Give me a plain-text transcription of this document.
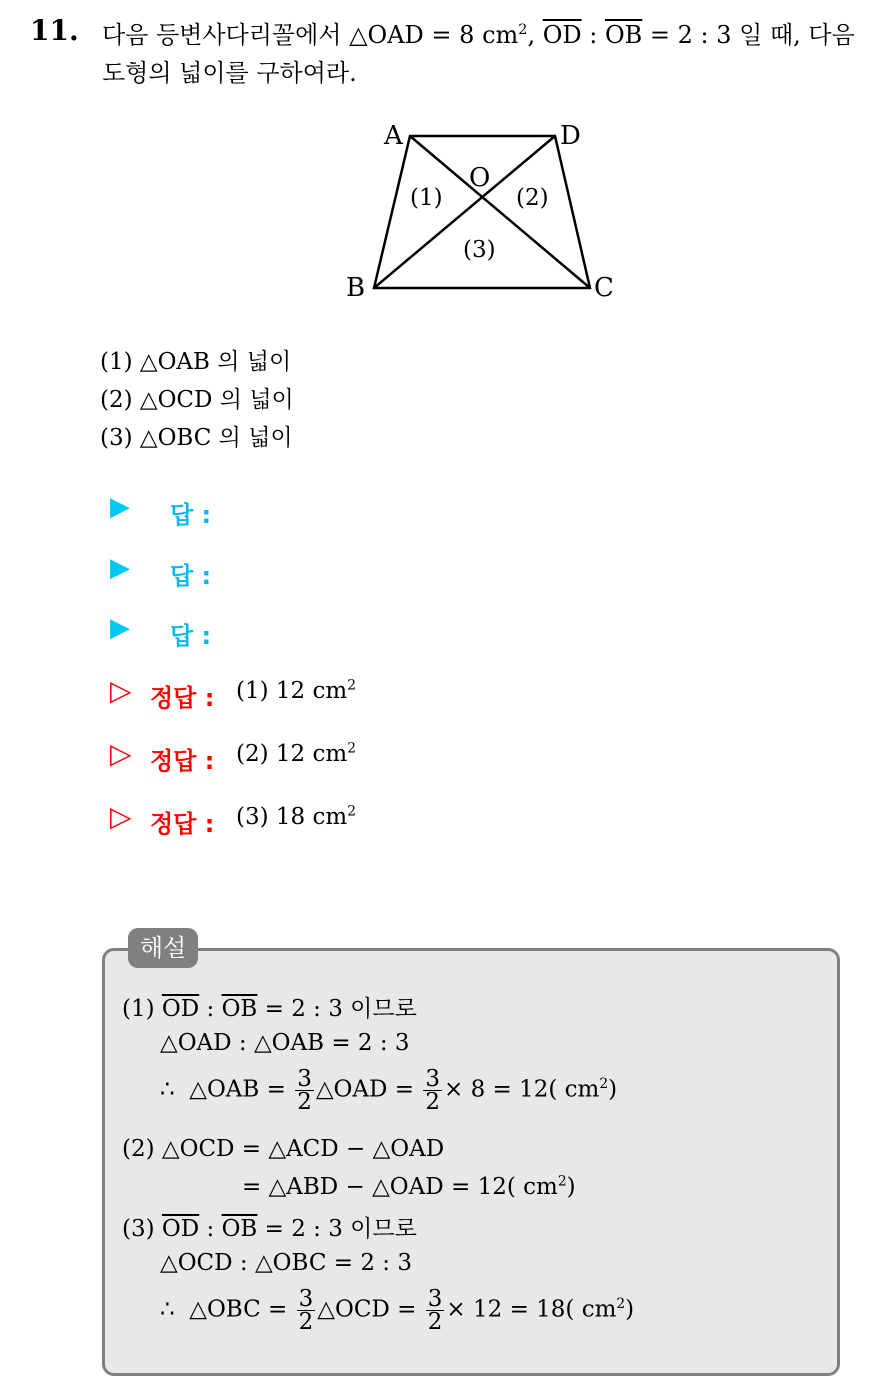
11. 다음 등변사다리꼴에서 △OAD = 8 $cm^2$, $\overline{OD}$ : $\overline{OB} = 2$ : 3 일 때, 다음
도형의 넓이를 구하여라.
A	D
B	C
O
(1)	(2)
(3)
(1) △OAB 의 넓이
(2) △OCD 의 넓이
(3) △OBC 의 넓이
▶ 답 :
▶ 답 :
▶ 답 :
▷ 정답 : (1) 12 $cm^2$
▷ 정답 : (2) 12 $cm^2$
▷ 정답 : (3) 18 $cm^2$
해설
(1) $\overline{OD}$ : $\overline{OB} = 2$ : 3 이므로
△OAD : △OAB = 2 : 3
∴ △OAB = $\frac{3}{2}$ △OAD = $\frac{3}{2} \times 8 = 12$( $cm^2$)
(2) △OCD = △ACD − △OAD
= △ABD − △OAD = 12( $cm^2$)
(3) $\overline{OD}$ : $\overline{OB} = 2$ : 3 이므로
△OCD : △OBC = 2 : 3
∴ △OBC = $\frac{3}{2}$ △OCD = $\frac{3}{2} \times 12 = 18$( $cm^2$)
